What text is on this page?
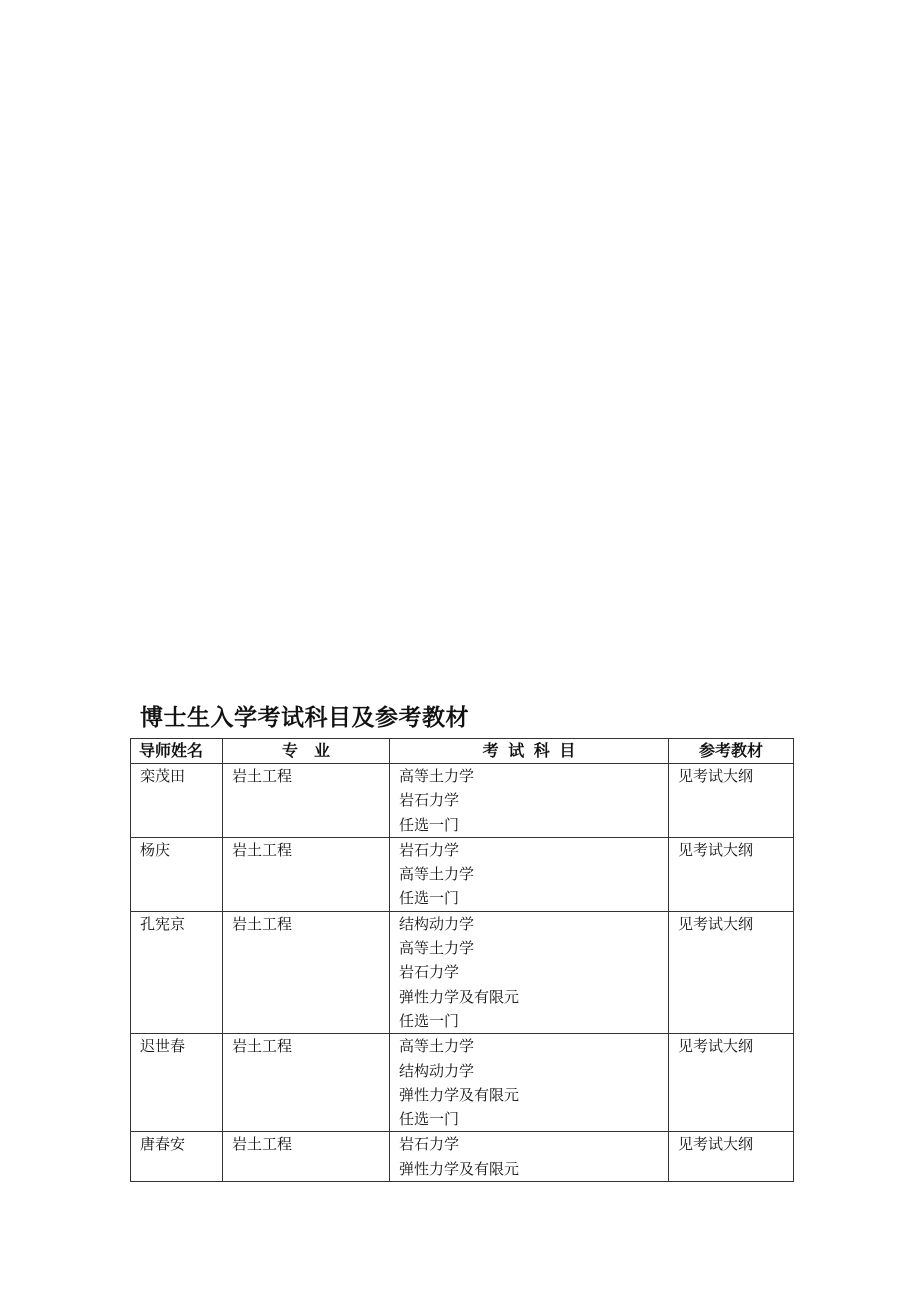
博士生入学考试科目及参考教材
导师姓名	专　业	考 试 科 目	参考教材
栾茂田	岩土工程	高等土力学
岩石力学
任选一门	见考试大纲
杨庆	岩土工程	岩石力学
高等土力学
任选一门	见考试大纲
孔宪京	岩土工程	结构动力学
高等土力学
岩石力学
弹性力学及有限元
任选一门	见考试大纲
迟世春	岩土工程	高等土力学
结构动力学
弹性力学及有限元
任选一门	见考试大纲
唐春安	岩土工程	岩石力学
弹性力学及有限元	见考试大纲
